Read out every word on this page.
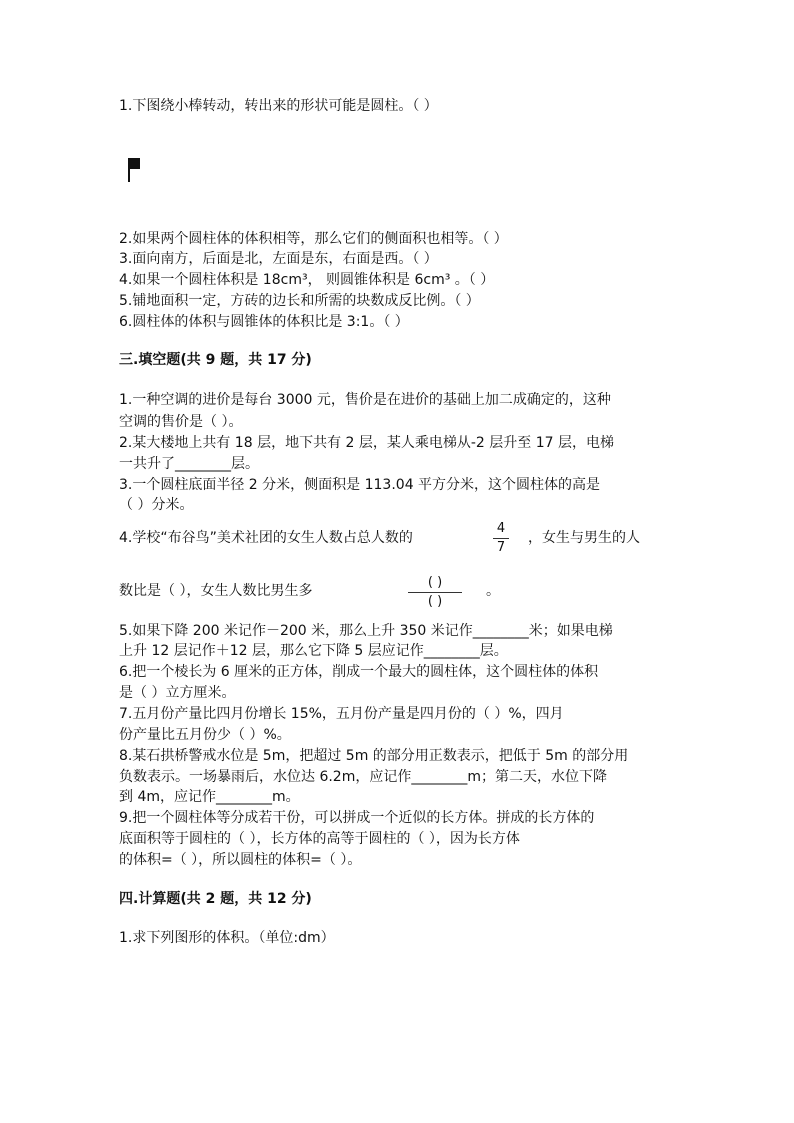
1.下图绕小棒转动，转出来的形状可能是圆柱。（ ）
2.如果两个圆柱体的体积相等，那么它们的侧面积也相等。（ ）
3.面向南方，后面是北，左面是东，右面是西。（ ）
4.如果一个圆柱体积是 18cm³， 则圆锥体积是 6cm³ 。（ ）
5.铺地面积一定，方砖的边长和所需的块数成反比例。（ ）
6.圆柱体的体积与圆锥体的体积比是 3:1。（ ）
三.填空题(共 9 题，共 17 分)
1.一种空调的进价是每台 3000 元，售价是在进价的基础上加二成确定的，这种
空调的售价是（ ）。
2.某大楼地上共有 18 层，地下共有 2 层，某人乘电梯从-2 层升至 17 层，电梯
一共升了________层。
3.一个圆柱底面半径 2 分米，侧面积是 113.04 平方分米，这个圆柱体的高是
（ ）分米。
4.学校“布谷鸟”美术社团的女生人数占总人数的
4
7
，女生与男生的人
数比是（ ），女生人数比男生多
( )
( )
。
5.如果下降 200 米记作－200 米，那么上升 350 米记作________米；如果电梯
上升 12 层记作＋12 层，那么它下降 5 层应记作________层。
6.把一个棱长为 6 厘米的正方体，削成一个最大的圆柱体，这个圆柱体的体积
是（ ）立方厘米。
7.五月份产量比四月份增长 15%，五月份产量是四月份的（ ）%，四月
份产量比五月份少（ ）%。
8.某石拱桥警戒水位是 5m，把超过 5m 的部分用正数表示，把低于 5m 的部分用
负数表示。一场暴雨后，水位达 6.2m，应记作________m；第二天，水位下降
到 4m，应记作________m。
9.把一个圆柱体等分成若干份，可以拼成一个近似的长方体。拼成的长方体的
底面积等于圆柱的（ ），长方体的高等于圆柱的（ ），因为长方体
的体积=（ ），所以圆柱的体积=（ ）。
四.计算题(共 2 题，共 12 分)
1.求下列图形的体积。（单位:dm）
